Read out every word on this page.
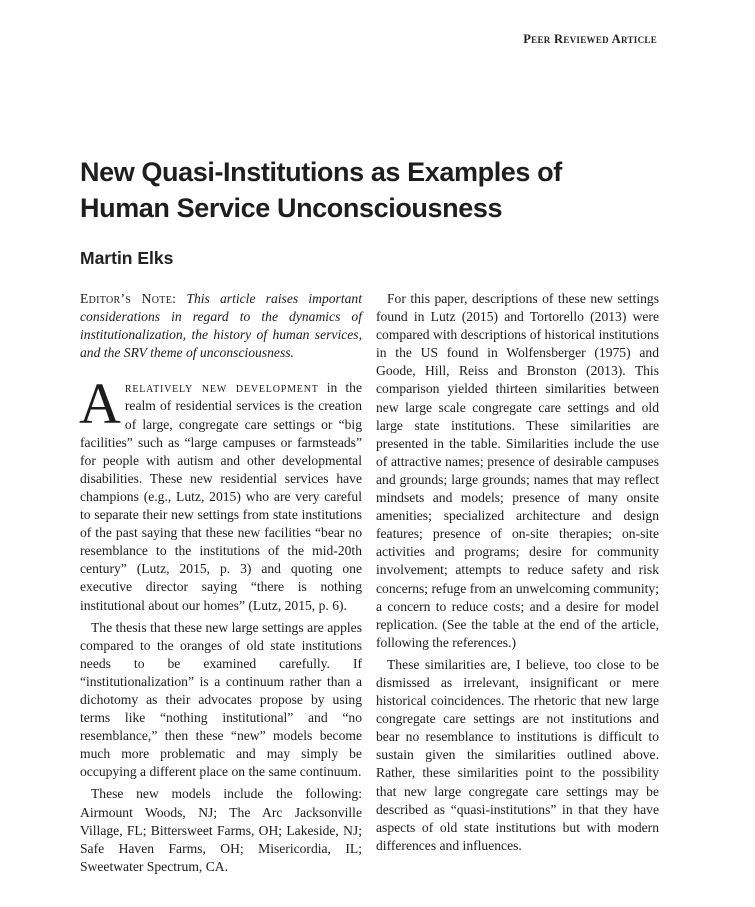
Peer Reviewed Article
New Quasi-Institutions as Examples of Human Service Unconsciousness
Martin Elks

Editor’s Note: This article raises important considerations in regard to the dynamics of institutionalization, the history of human services, and the SRV theme of unconsciousness.

Arelatively new development in the realm of residential services is the creation of large, congregate care settings or “big facilities” such as “large campuses or farmsteads” for people with autism and other developmental disabilities. These new residential services have champions (e.g., Lutz, 2015) who are very careful to separate their new settings from state institutions of the past saying that these new facilities “bear no resemblance to the institutions of the mid-20th century” (Lutz, 2015, p. 3) and quoting one executive director saying “there is nothing institutional about our homes” (Lutz, 2015, p. 6).

The thesis that these new large settings are apples compared to the oranges of old state institutions needs to be examined carefully. If “institutionalization” is a continuum rather than a dichotomy as their advocates propose by using terms like “nothing institutional” and “no resemblance,” then these “new” models become much more problematic and may simply be occupying a different place on the same continuum.

These new models include the following: Airmount Woods, NJ; The Arc Jacksonville Village, FL; Bittersweet Farms, OH; Lakeside, NJ; Safe Haven Farms, OH; Misericordia, IL; Sweetwater Spectrum, CA.

For this paper, descriptions of these new settings found in Lutz (2015) and Tortorello (2013) were compared with descriptions of historical institutions in the US found in Wolfensberger (1975) and Goode, Hill, Reiss and Bronston (2013). This comparison yielded thirteen similarities between new large scale congregate care settings and old large state institutions. These similarities are presented in the table. Similarities include the use of attractive names; presence of desirable campuses and grounds; large grounds; names that may reflect mindsets and models; presence of many onsite amenities; specialized architecture and design features; presence of on-site therapies; on-site activities and programs; desire for community involvement; attempts to reduce safety and risk concerns; refuge from an unwelcoming community; a concern to reduce costs; and a desire for model replication. (See the table at the end of the article, following the references.)

These similarities are, I believe, too close to be dismissed as irrelevant, insignificant or mere historical coincidences. The rhetoric that new large congregate care settings are not institutions and bear no resemblance to institutions is difficult to sustain given the similarities outlined above. Rather, these similarities point to the possibility that new large congregate care settings may be described as “quasi-institutions” in that they have aspects of old state institutions but with modern differences and influences.
